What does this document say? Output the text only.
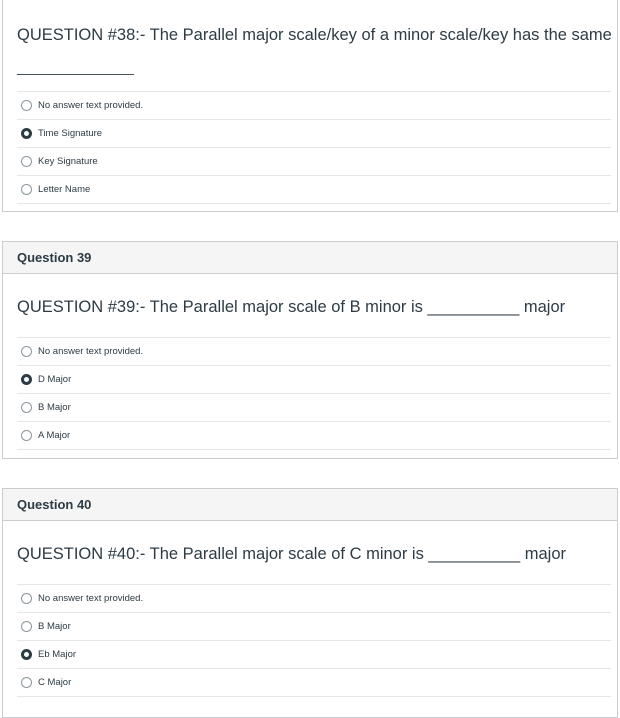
QUESTION #38:- The Parallel major scale/key of a minor scale/key has the same
_______________
No answer text provided.
Time Signature
Key Signature
Letter Name
Question 39
QUESTION #39:- The Parallel major scale of B minor is __________ major
No answer text provided.
D Major
B Major
A Major
Question 40
QUESTION #40:- The Parallel major scale of C minor is __________ major
No answer text provided.
B Major
Eb Major
C Major
